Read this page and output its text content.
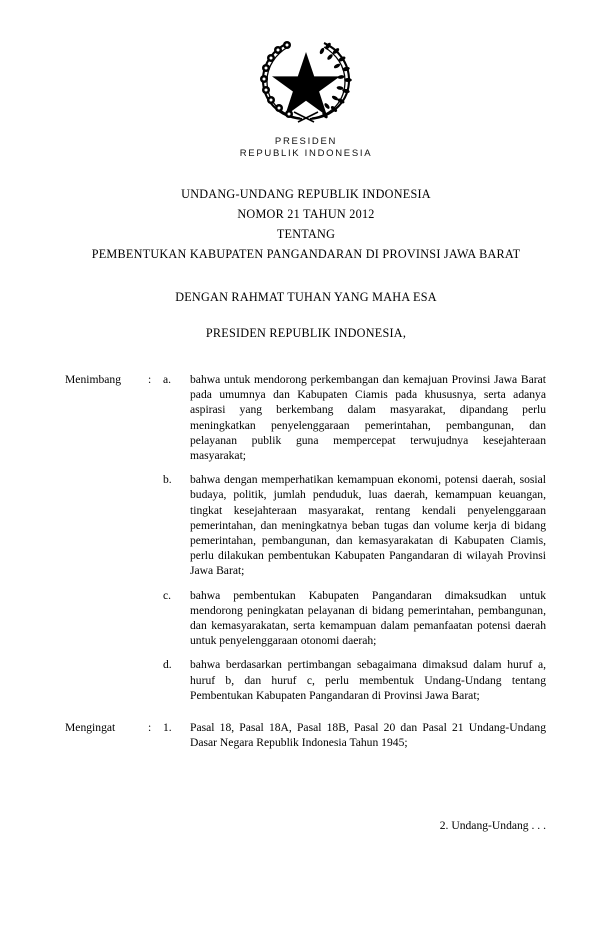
PRESIDEN
REPUBLIK INDONESIA
UNDANG-UNDANG REPUBLIK INDONESIA
NOMOR 21 TAHUN 2012
TENTANG
PEMBENTUKAN KABUPATEN PANGANDARAN DI PROVINSI JAWA BARAT
DENGAN RAHMAT TUHAN YANG MAHA ESA
PRESIDEN REPUBLIK INDONESIA,
Menimbang	: a.	bahwa untuk mendorong perkembangan dan kemajuan Provinsi Jawa Barat pada umumnya dan Kabupaten Ciamis pada khususnya, serta adanya aspirasi yang berkembang dalam masyarakat, dipandang perlu meningkatkan penyelenggaraan pemerintahan, pembangunan, dan pelayanan publik guna mempercepat terwujudnya kesejahteraan masyarakat;
b.	bahwa dengan memperhatikan kemampuan ekonomi, potensi daerah, sosial budaya, politik, jumlah penduduk, luas daerah, kemampuan keuangan, tingkat kesejahteraan masyarakat, rentang kendali penyelenggaraan pemerintahan, dan meningkatnya beban tugas dan volume kerja di bidang pemerintahan, pembangunan, dan kemasyarakatan di Kabupaten Ciamis, perlu dilakukan pembentukan Kabupaten Pangandaran di wilayah Provinsi Jawa Barat;
c.	bahwa pembentukan Kabupaten Pangandaran dimaksudkan untuk mendorong peningkatan pelayanan di bidang pemerintahan, pembangunan, dan kemasyarakatan, serta kemampuan dalam pemanfaatan potensi daerah untuk penyelenggaraan otonomi daerah;
d.	bahwa berdasarkan pertimbangan sebagaimana dimaksud dalam huruf a, huruf b, dan huruf c, perlu membentuk Undang-Undang tentang Pembentukan Kabupaten Pangandaran di Provinsi Jawa Barat;
Mengingat	: 1.	Pasal 18, Pasal 18A, Pasal 18B, Pasal 20 dan Pasal 21 Undang-Undang Dasar Negara Republik Indonesia Tahun 1945;
2. Undang-Undang . . .
